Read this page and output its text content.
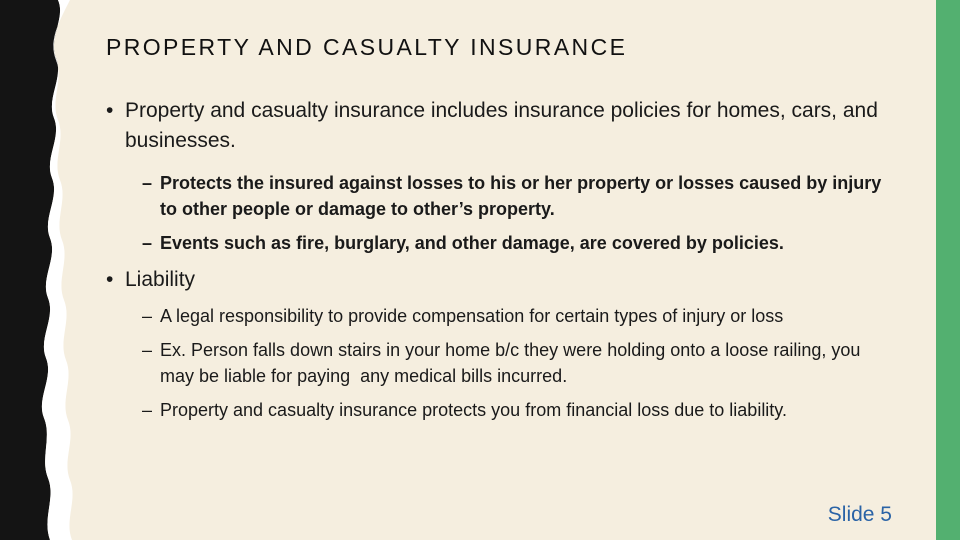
PROPERTY AND CASUALTY INSURANCE
• Property and casualty insurance includes insurance policies for homes, cars, and businesses.
– Protects the insured against losses to his or her property or losses caused by injury to other people or damage to other’s property.
– Events such as fire, burglary, and other damage, are covered by policies.
• Liability
– A legal responsibility to provide compensation for certain types of injury or loss
– Ex. Person falls down stairs in your home b/c they were holding onto a loose railing, you may be liable for paying  any medical bills incurred.
– Property and casualty insurance protects you from financial loss due to liability.
Slide 5
